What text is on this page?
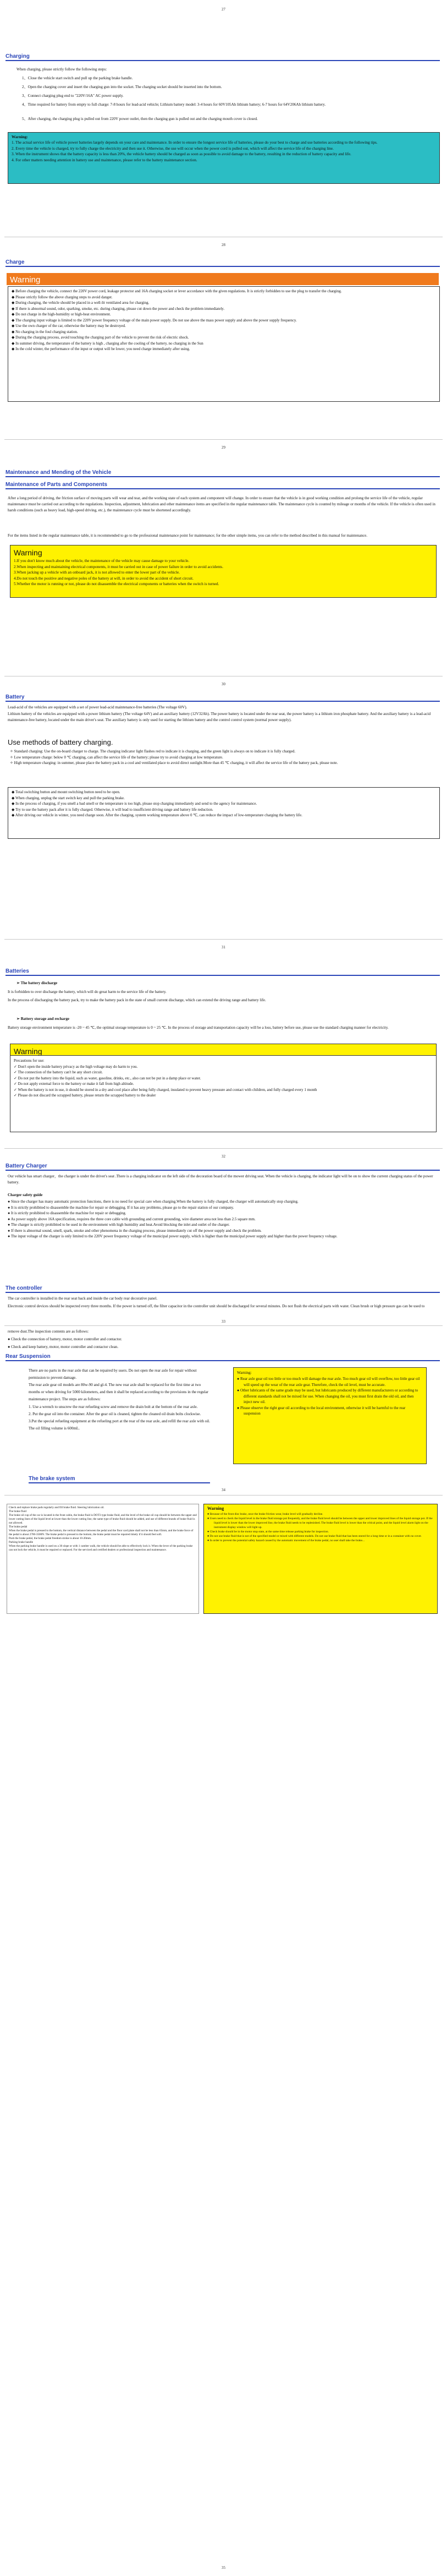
27
Charging
When charging, please strictly follow the following steps:
1、Close the vehicle start switch and pull up the parking brake handle.
2、Open the charging cover and insert the charging gun into the socket. The charging socket should be inserted into the bottom.
3、Connect charging plug end to "220V/16A" AC power supply.
4、Time required for battery from empty to full charge: 7-8 hours for lead-acid vehicle; Lithium battery model: 3-4 hours for 60V105Ah lithium battery; 6-7 hours for 64V206Ah lithium battery.
5、After charging, the charging plug is pulled out from 220V power outlet, then the charging gun is pulled out and the charging mouth cover is closed.
Warning:
1. The actual service life of vehicle power batteries largely depends on your care and maintenance. In order to ensure the longest service life of batteries, please do your best to charge and use batteries according to the following tips.
2. Every time the vehicle is charged, try to fully charge the electricity and then use it. Otherwise, the use will occur when the power cord is pulled out, which will affect the service life of the charging line.
3. When the instrument shows that the battery capacity is less than 20%, the vehicle battery should be charged as soon as possible to avoid damage to the battery, resulting in the reduction of battery capacity and life.
4. For other matters needing attention in battery use and maintenance, please refer to the battery maintenance section.
28
Charge
Warning
◆ Before charging the vehicle, connect the 220V power cord, leakage protector and 16A charging socket or lever accordance with the given regulations. It is strictly forbidden to use the plug to transfer the charging.
◆ Please strictly follow the above charging steps to avoid danger.
◆ During charging, the vehicle should be placed in a well-lit ventilated area for charging.
◆ If there is abnormal sound, odor, sparking, smoke, etc. during charging, please cut down the power and check the problem immediately.
◆ Do not charge in the high-humidity or high-heat environment.
◆ The charging input voltage is limited to the 220V power frequency voltage of the main power supply. Do not use above the mass power supply and above the power supply frequency.
◆ Use the own charger of the car, otherwise the battery may be destroyed.
◆ No charging in the foul charging station.
◆ During the charging process, avoid touching the charging part of the vehicle to prevent the risk of electric shock.
◆ In summer driving, the temperature of the battery is high , charging after the cooling of the battery, no charging in the Sun
◆ In the cold winter, the performance of the input or output will be lower, you need charge immediately after using.
29
Maintenance and Mending of the Vehicle
Maintenance of Parts and Components
After a long period of driving, the friction surface of moving parts will wear and tear, and the working state of each system and component will change. In order to ensure that the vehicle is in good working condition and prolong the service life of the vehicle, regular maintenance must be carried out according to the regulations. Inspection, adjustment, lubrication and other maintenance items are specified in the regular maintenance table. The maintenance cycle is counted by mileage or months of the vehicle. If the vehicle is often used in harsh conditions (such as heavy load, high-speed driving, etc.), the maintenance cycle must be shortened accordingly.
For the items listed in the regular maintenance table, it is recommended to go to the professional maintenance point for maintenance; for the other simple items, you can refer to the method described in this manual for maintenance.
Warning
1.If you don't know much about the vehicle, the maintenance of the vehicle may cause damage to your vehicle.
2.When inspecting and maintaining electrical components, it must be carried out in case of power failure in order to avoid accidents.
3.When jacking up a vehicle with an onboard jack, it is not allowed to enter the lower part of the vehicle.
4.Do not touch the positive and negative poles of the battery at will, in order to avoid the accident of short circuit.
5.Whether the motor is running or not, please do not disassemble the electrical components or batteries when the switch is turned.
30
Battery
Lead-acid of the vehicles are equipped with a set of power lead-acid maintenance-free batteries (The voltage 60V).
Lithium battery of the vehicles are equipped with a power lithium battery (The voltage 64V) and an auxiliary battery (12V32Ah). The power battery is located under the rear seat, the power battery is a lithium iron phosphate battery. And the auxiliary battery is a lead-acid maintenance-free battery, located under the main driver's seat. The auxiliary battery is only used for starting the lithium battery and the control control system (normal power supply).
Use methods of battery charging.
✧ Standard charging: Use the on-board charger to charge. The charging indicator light flashes red to indicate it is charging, and the green light is always on to indicate it is fully charged.
✧ Low temperature charge: below 0 ℃ charging, can affect the service life of the battery; please try to avoid charging at low temperature.
✧ High temperature charging: in summer, please place the battery pack in a cool and ventilated place to avoid direct sunlight.More than 45 ℃ charging, it will affect the service life of the battery pack, please note.
◆ Total switching button and mount switching button need to be open.
◆ When charging, unplug the start switch key and pull the parking brake.
◆ In the process of charging, if you smell a bad smell or the temperature is too high, please stop charging immediately and send to the agency for maintenance.
◆ Try to use the battery pack after it is fully charged. Otherwise, it will lead to insufficient driving range and battery life reduction.
◆ After driving our vehicle in winter, you need charge soon. After the charging, system working temperature above 0 ℃, can reduce the impact of low-temperature charging the battery life.
31
Batteries
➢ The battery discharge
It is forbidden to over discharge the battery, which will do great harm to the service life of the battery.
In the process of discharging the battery pack, try to make the battery pack in the state of small current discharge, which can extend the driving range and battery life.
➢ Battery storage and recharge
Battery storage environment temperature is -20 ~ 45 ℃, the optimal storage temperature is 0 ~ 25 ℃. In the process of storage and transportation capacity will be a loss, battery before use, please use the standard charging manner for electricity.
Warning
Precautions for use:
✓ Don't open the inside battery privacy as the high voltage may do harm to you.
✓ The connection of the battery can't be any short circuit.
✓ Do not put the battery into the liquid, such as water, gasoline, drinks, etc., also can not be put in a damp place or water.
✓ Do not apply external force to the battery or make it fall from high altitude.
✓ When the battery is not in use, it should be stored in a dry and cool place after being fully charged, insulated to prevent heavy pressure and contact with children, and fully charged every 1 month
✓ Please do not discard the scrapped battery, please return the scrapped battery to the dealer
32
Battery Charger
Our vehicle has smart charger，the charger is under the driver's seat .There is a charging indicator on the left side of the decoration board of the mower driving seat. When the vehicle is charging, the indicator light will be on to show the current charging status of the power battery.
Charger safety guide
● Since the charger has many automatic protection functions, there is no need for special care when charging.When the battery is fully charged, the charger will automatically stop charging.
● It is strictly prohibited to disassemble the machine for repair or debugging. If it has any problems, please go to the repair station of our company.
● It is strictly prohibited to disassemble the machine for repair or debugging.
● As power supply above 16A specification, requires the three core cable with grounding and current grounding, wire diameter area not less than 2.5 square mm.
● The charger is strictly prohibited to be used in the environment with high humidity and heat.Avoid blocking the inlet and outlet of the charger.
● If there is abnormal sound, smell, spark, smoke and other phenomena in the charging process, please immediately cut off the power supply and check the problem.
● The input voltage of the charger is only limited to the 220V power frequency voltage of the municipal power supply, which is higher than the municipal power supply and higher than the power frequency voltage.
The controller
The car controller is installed in the rear seat back and inside the car body rear decorative panel.
Electronic control devices should be inspected every three months. If the power is turned off, the filter capacitor in the controller unit should be discharged for several minutes. Do not flush the electrical parts with water. Clean brush or high pressure gas can be used to
33
remove dust.The inspection contents are as follows:
● Check the connection of battery, motor, motor controller and contactor.
● Check and keep battery, motor, motor controller and contactor clean.
Rear Suspension
There are no parts in the rear axle that can be repaired by users. Do not open the rear axle for repair without permission to prevent damage.
The rear axle gear oil models are 80w-90 and gl-4. The new rear axle shall be replaced for the first time at two months or when driving for 5000 kilometers, and then it shall be replaced according to the provisions in the regular maintenance project. The steps are as follows:
1. Use a wrench to unscrew the rear refueling screw and remove the drain bolt at the bottom of the rear axle.
2. Put the gear oil into the container. After the gear oil is cleaned, tighten the cleaned oil drain bolts clockwise.
3.Put the special refueling equipment at the refueling port at the rear of the rear axle, and refill the rear axle with oil. The oil filling volume is 600mL.
The brake system
Warning:
● Rear axle gear oil too little or too much will damage the rear axle. Too much gear oil will overflow, too little gear oil will speed up the wear of the rear axle gear. Therefore, check the oil level, must be accurate.
● Other lubricants of the same grade may be used, but lubricants produced by different manufacturers or according to different standards shall not be mixed for use. When changing the oil, you must first drain the old oil, and then inject new oil.
● Please observe the right gear oil according to the local environment, otherwise it will be harmful to the rear suspension
34
Check and replace brake pads regularly and fill brake fluid. Steering lubrication oil.
The brake fluid
The brake oil cup of the car is located in the front cabin, the brake fluid is DOT3 type brake fluid, and the level of the brake oil cup should be between the upper and lower cutting lines of the liquid level at lower than the lower cutting line, the same type of brake fluid should be added, and use of different brands of brake fluid is not allowed.
The brake pedal
When the brake pedal is pressed to the bottom, the vertical distance between the pedal and the floor card plate shall not be less than 65mm, and the brake force of the pedal is about 2700-3500N. The brake pedal is pressed to the bottom, the brake pedal must be repaired timely if it should feel soft.
Push the brake pedal, the brake pedal freedom stroke is about 10-20mm.
Parking brake handle
When the parking brake handle is used on a 30 slope or with 1 camber walk, the vehicle should be able to effectively lock it. When the lever of the parking brake can not lock the vehicle, it must be repaired or replaced. For the serviced and certified dealers or professional inspection and maintenance.
Warning
● Because of the front disc brake, once the brake friction wear, brake level will gradually decline.
● Users need to check the liquid level in the brake fluid storage pot frequently, and the brake fluid level should be between the upper and lower improved lines of the liquid storage pot. If the liquid level is lower than the lower improved line, the brake fluid needs to be replenished. The brake fluid level is lower than the critical point, and the liquid level alarm light on the instrument display window will light up.
● Check brake should be in the motor stop state, at the same time release parking brake for inspection.
● Do not use brake fluid that is not of the specified model or mixed with different models. Do not use brake fluid that has been stored for a long time or in a container with no cover.
● In order to prevent the potential safety hazard caused by the automatic movement of the brake pedal, no user shall take the brake...
35
